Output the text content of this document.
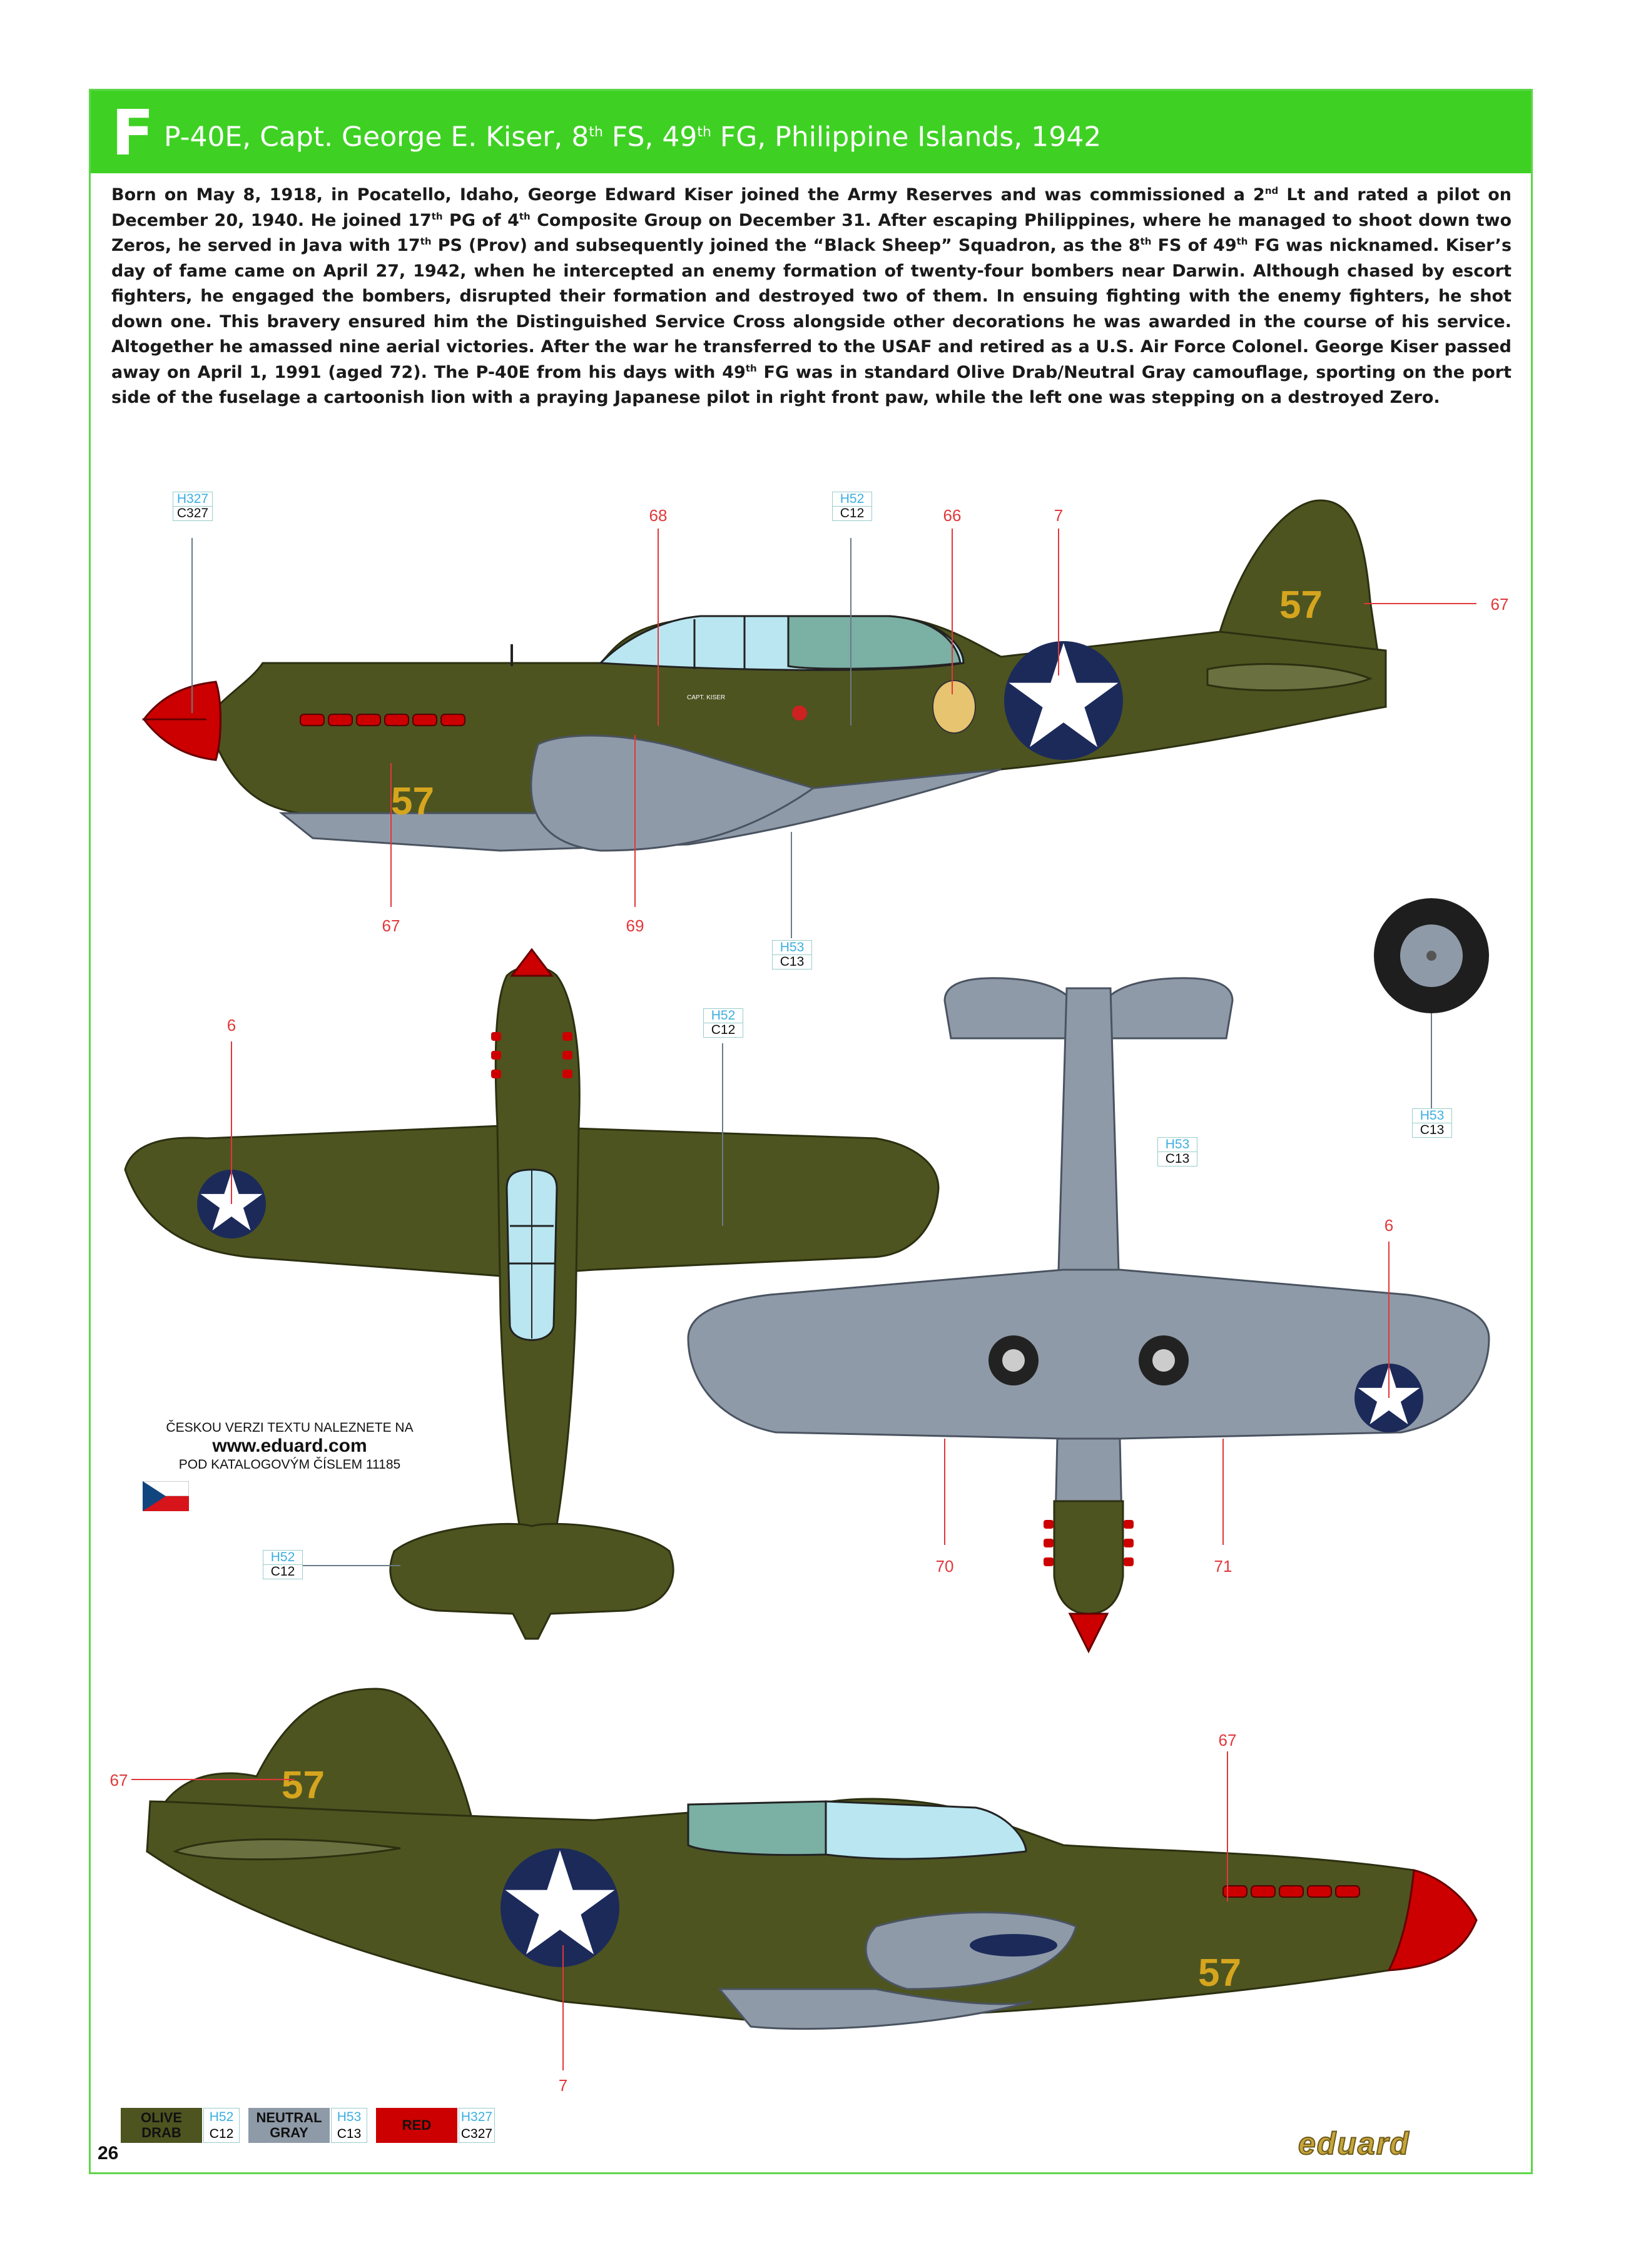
F P-40E, Capt. George E. Kiser, 8th FS, 49th FG, Philippine Islands, 1942
Born on May 8, 1918, in Pocatello, Idaho, George Edward Kiser joined the Army Reserves and was commissioned a 2nd Lt and rated a pilot on December 20, 1940. He joined 17th PG of 4th Composite Group on December 31. After escaping Philippines, where he managed to shoot down two Zeros, he served in Java with 17th PS (Prov) and subsequently joined the “Black Sheep” Squadron, as the 8th FS of 49th FG was nicknamed. Kiser’s day of fame came on April 27, 1942, when he intercepted an enemy formation of twenty-four bombers near Darwin. Although chased by escort fighters, he engaged the bombers, disrupted their formation and destroyed two of them. In ensuing fighting with the enemy fighters, he shot down one. This bravery ensured him the Distinguished Service Cross alongside other decorations he was awarded in the course of his service. Altogether he amassed nine aerial victories. After the war he transferred to the USAF and retired as a U.S. Air Force Colonel. George Kiser passed away on April 1, 1991 (aged 72). The P-40E from his days with 49th FG was in standard Olive Drab/Neutral Gray camouflage, sporting on the port side of the fuselage a cartoonish lion with a praying Japanese pilot in right front paw, while the left one was stepping on a destroyed Zero.
57
57
CAPT. KISER
57
57
68	66	7
67
67	69
6
6
70	71
67
67
7
H327
C327
H52
C12
H53
C13
H52
C12
H53
C13
H53
C13
H52
C12
ČESKOU VERZI TEXTU NALEZNETE NA
www.eduard.com
POD KATALOGOVÝM ČÍSLEM 11185
OLIVE
DRAB
H52
C12
NEUTRAL
GRAY
H53
C13
RED
H327
C327
26	eduard
